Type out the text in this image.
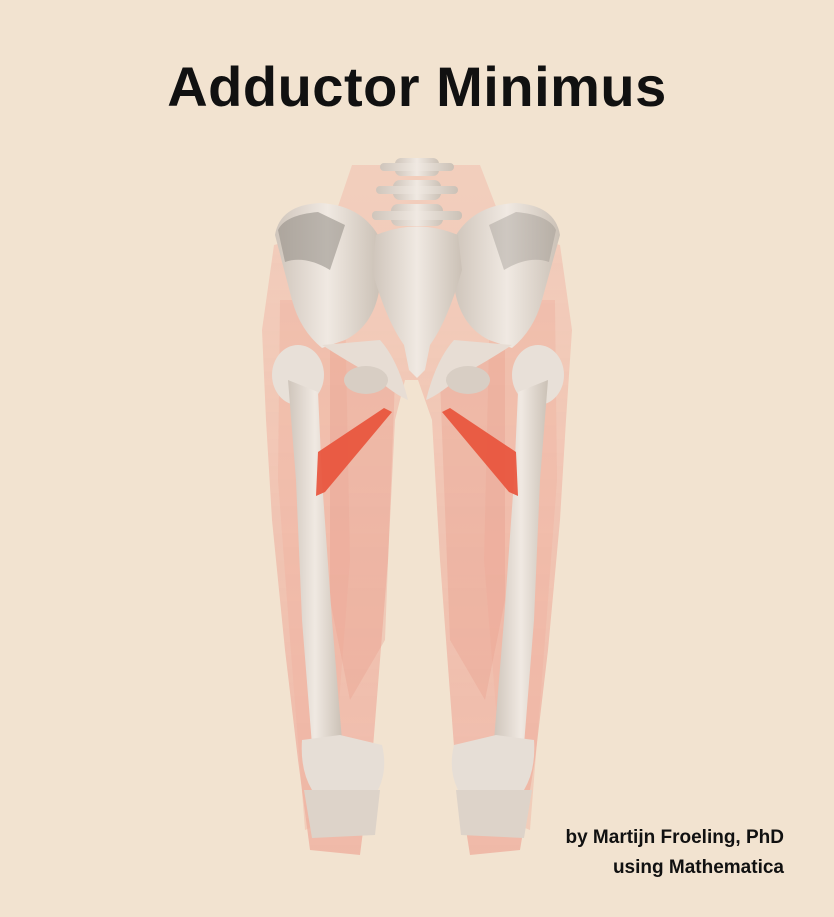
Adductor Minimus
by Martijn Froeling, PhD
using Mathematica
